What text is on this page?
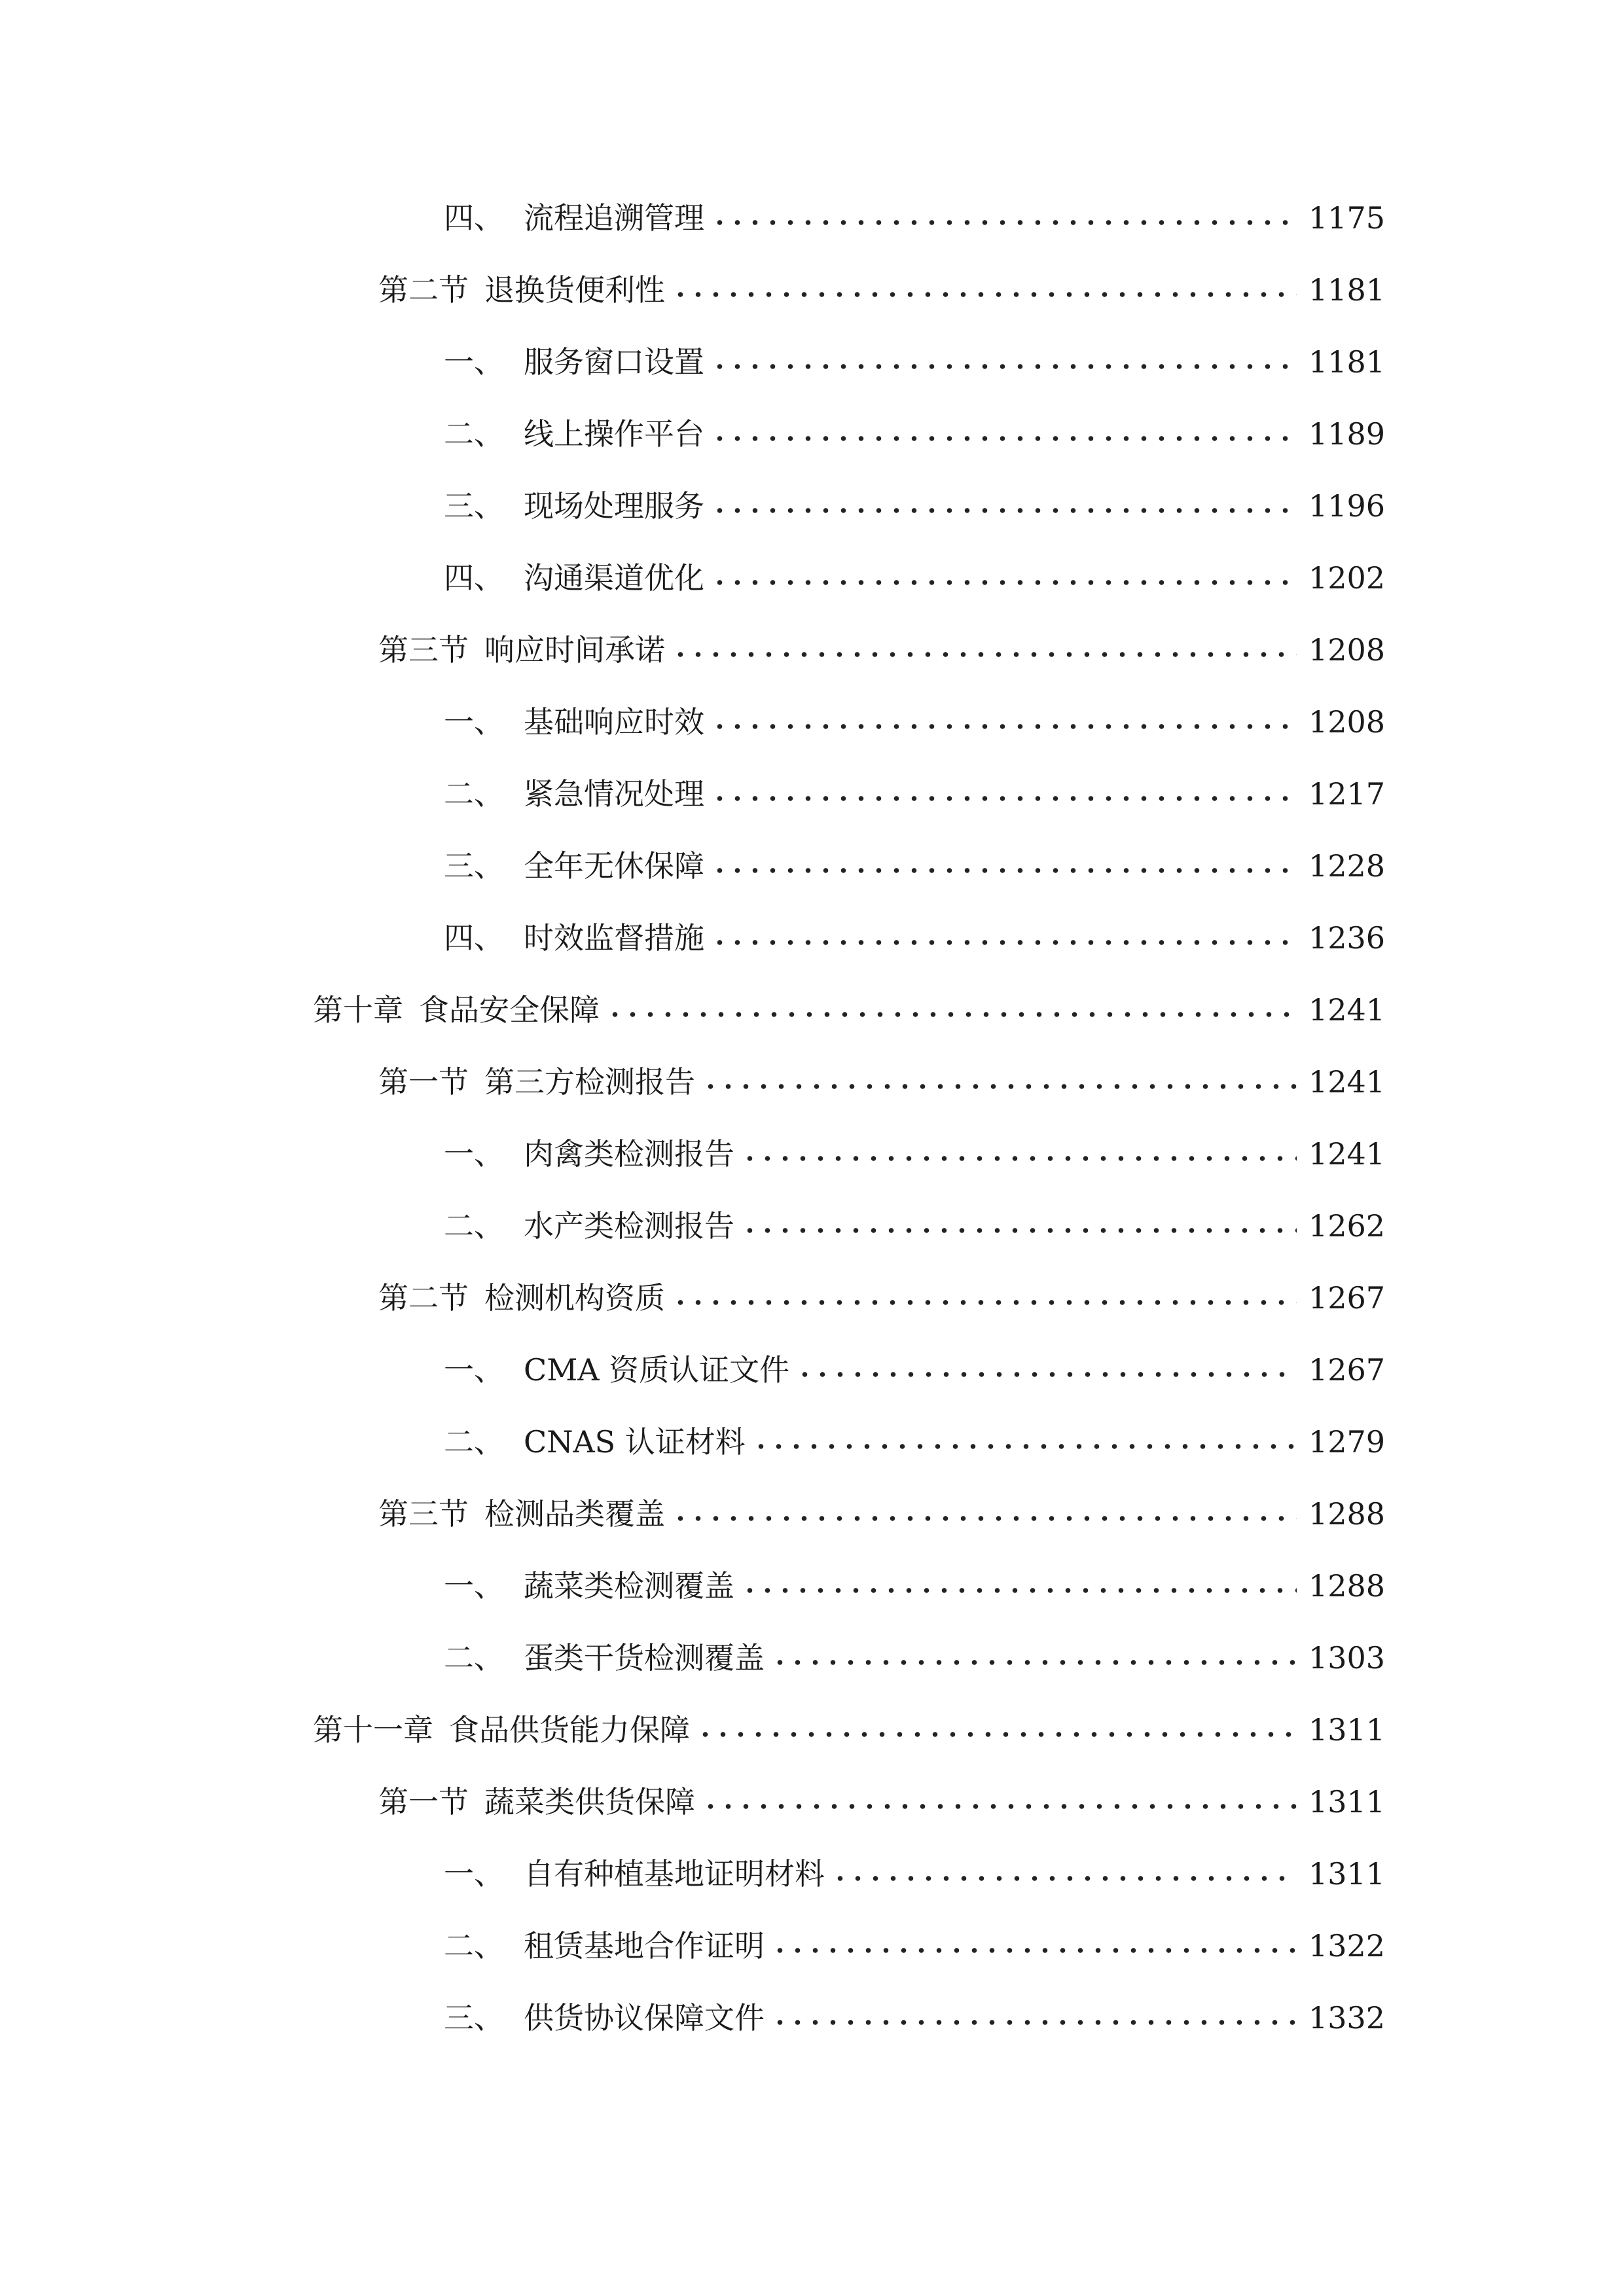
四、 流程追溯管理	1175
第二节 退换货便利性	1181
一、 服务窗口设置	1181
二、 线上操作平台	1189
三、 现场处理服务	1196
四、 沟通渠道优化	1202
第三节 响应时间承诺	1208
一、 基础响应时效	1208
二、 紧急情况处理	1217
三、 全年无休保障	1228
四、 时效监督措施	1236
第十章 食品安全保障	1241
第一节 第三方检测报告	1241
一、 肉禽类检测报告	1241
二、 水产类检测报告	1262
第二节 检测机构资质	1267
一、 CMA 资质认证文件	1267
二、 CNAS 认证材料	1279
第三节 检测品类覆盖	1288
一、 蔬菜类检测覆盖	1288
二、 蛋类干货检测覆盖	1303
第十一章 食品供货能力保障	1311
第一节 蔬菜类供货保障	1311
一、 自有种植基地证明材料	1311
二、 租赁基地合作证明	1322
三、 供货协议保障文件	1332
